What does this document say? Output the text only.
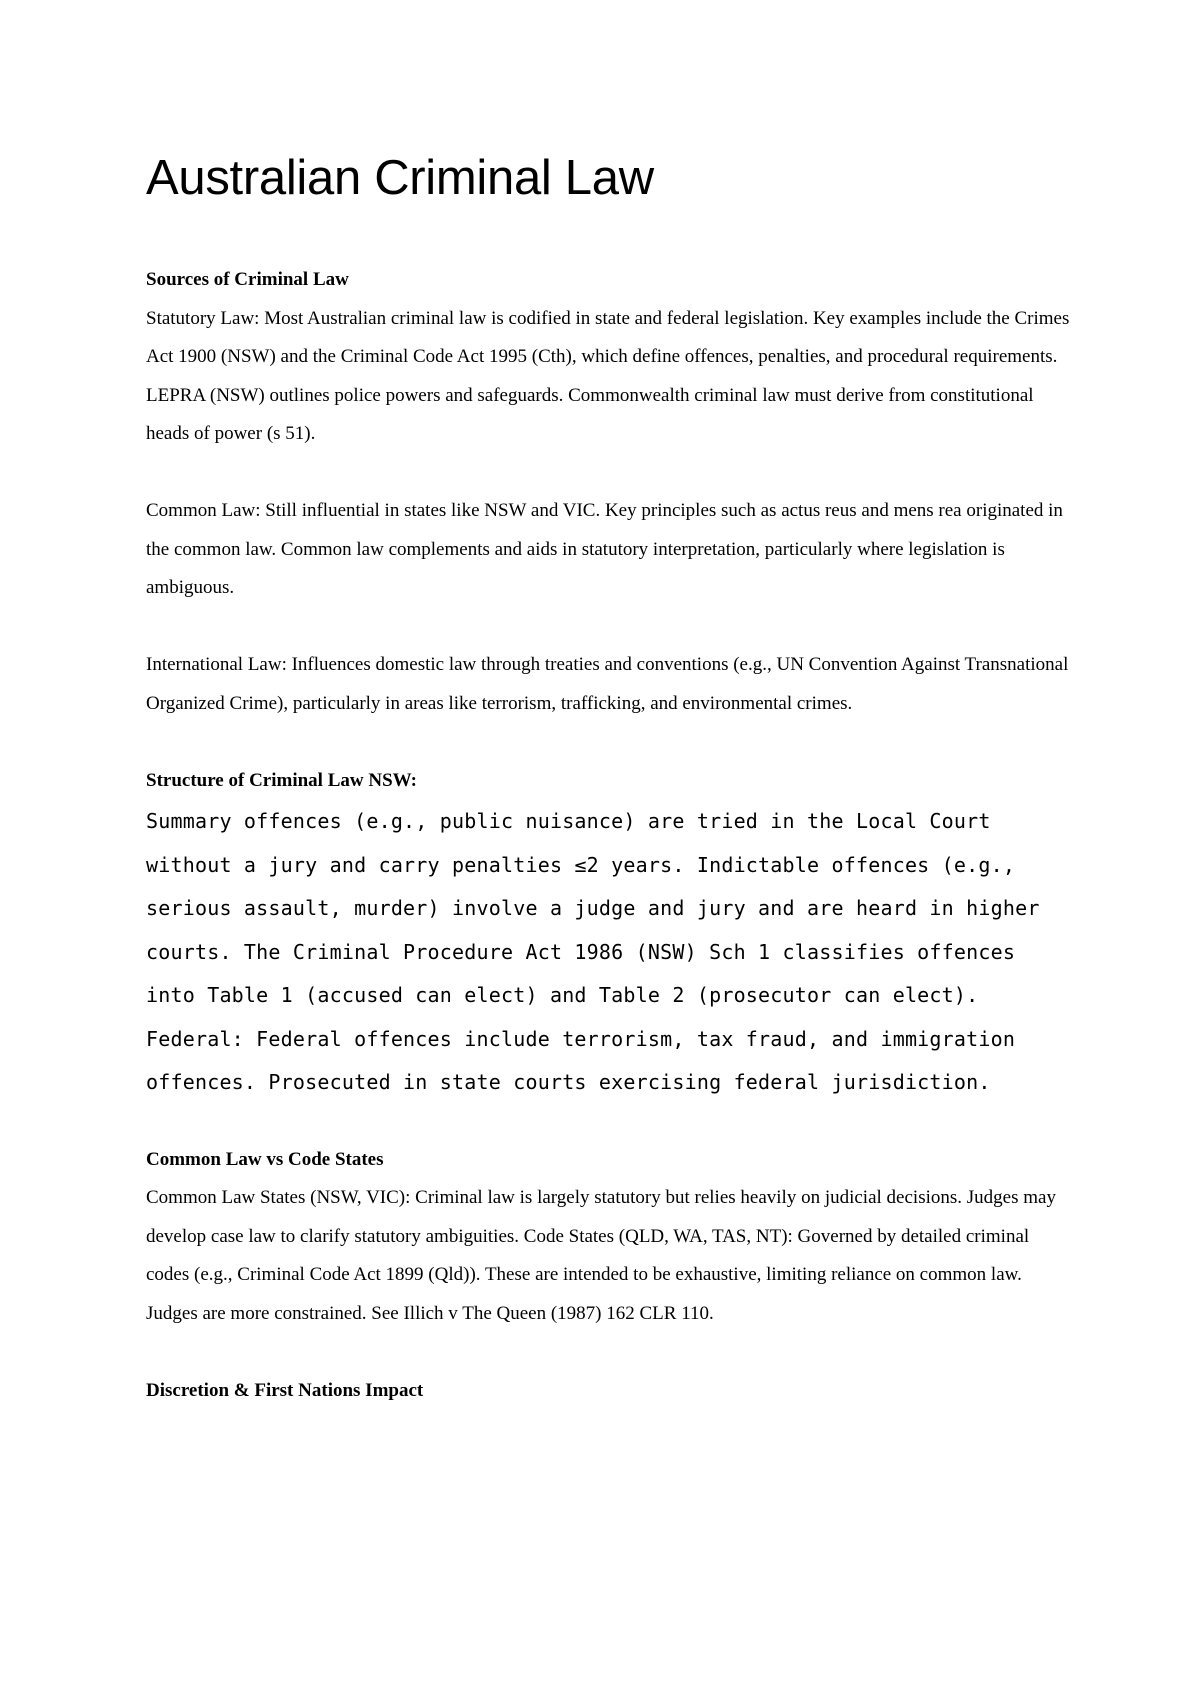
Australian Criminal Law
Sources of Criminal Law

Statutory Law: Most Australian criminal law is codified in state and federal legislation. Key examples include the Crimes Act 1900 (NSW) and the Criminal Code Act 1995 (Cth), which define offences, penalties, and procedural requirements. LEPRA (NSW) outlines police powers and safeguards. Commonwealth criminal law must derive from constitutional heads of power (s 51).

Common Law: Still influential in states like NSW and VIC. Key principles such as actus reus and mens rea originated in the common law. Common law complements and aids in statutory interpretation, particularly where legislation is ambiguous.

International Law: Influences domestic law through treaties and conventions (e.g., UN Convention Against Transnational Organized Crime), particularly in areas like terrorism, trafficking, and environmental crimes.

Structure of Criminal Law NSW:

Summary offences (e.g., public nuisance) are tried in the Local Court without a jury and carry penalties ≤2 years. Indictable offences (e.g., serious assault, murder) involve a judge and jury and are heard in higher courts. The Criminal Procedure Act 1986 (NSW) Sch 1 classifies offences into Table 1 (accused can elect) and Table 2 (prosecutor can elect). Federal: Federal offences include terrorism, tax fraud, and immigration offences. Prosecuted in state courts exercising federal jurisdiction.

Common Law vs Code States

Common Law States (NSW, VIC): Criminal law is largely statutory but relies heavily on judicial decisions. Judges may develop case law to clarify statutory ambiguities. Code States (QLD, WA, TAS, NT): Governed by detailed criminal codes (e.g., Criminal Code Act 1899 (Qld)). These are intended to be exhaustive, limiting reliance on common law. Judges are more constrained. See Illich v The Queen (1987) 162 CLR 110.

Discretion & First Nations Impact
